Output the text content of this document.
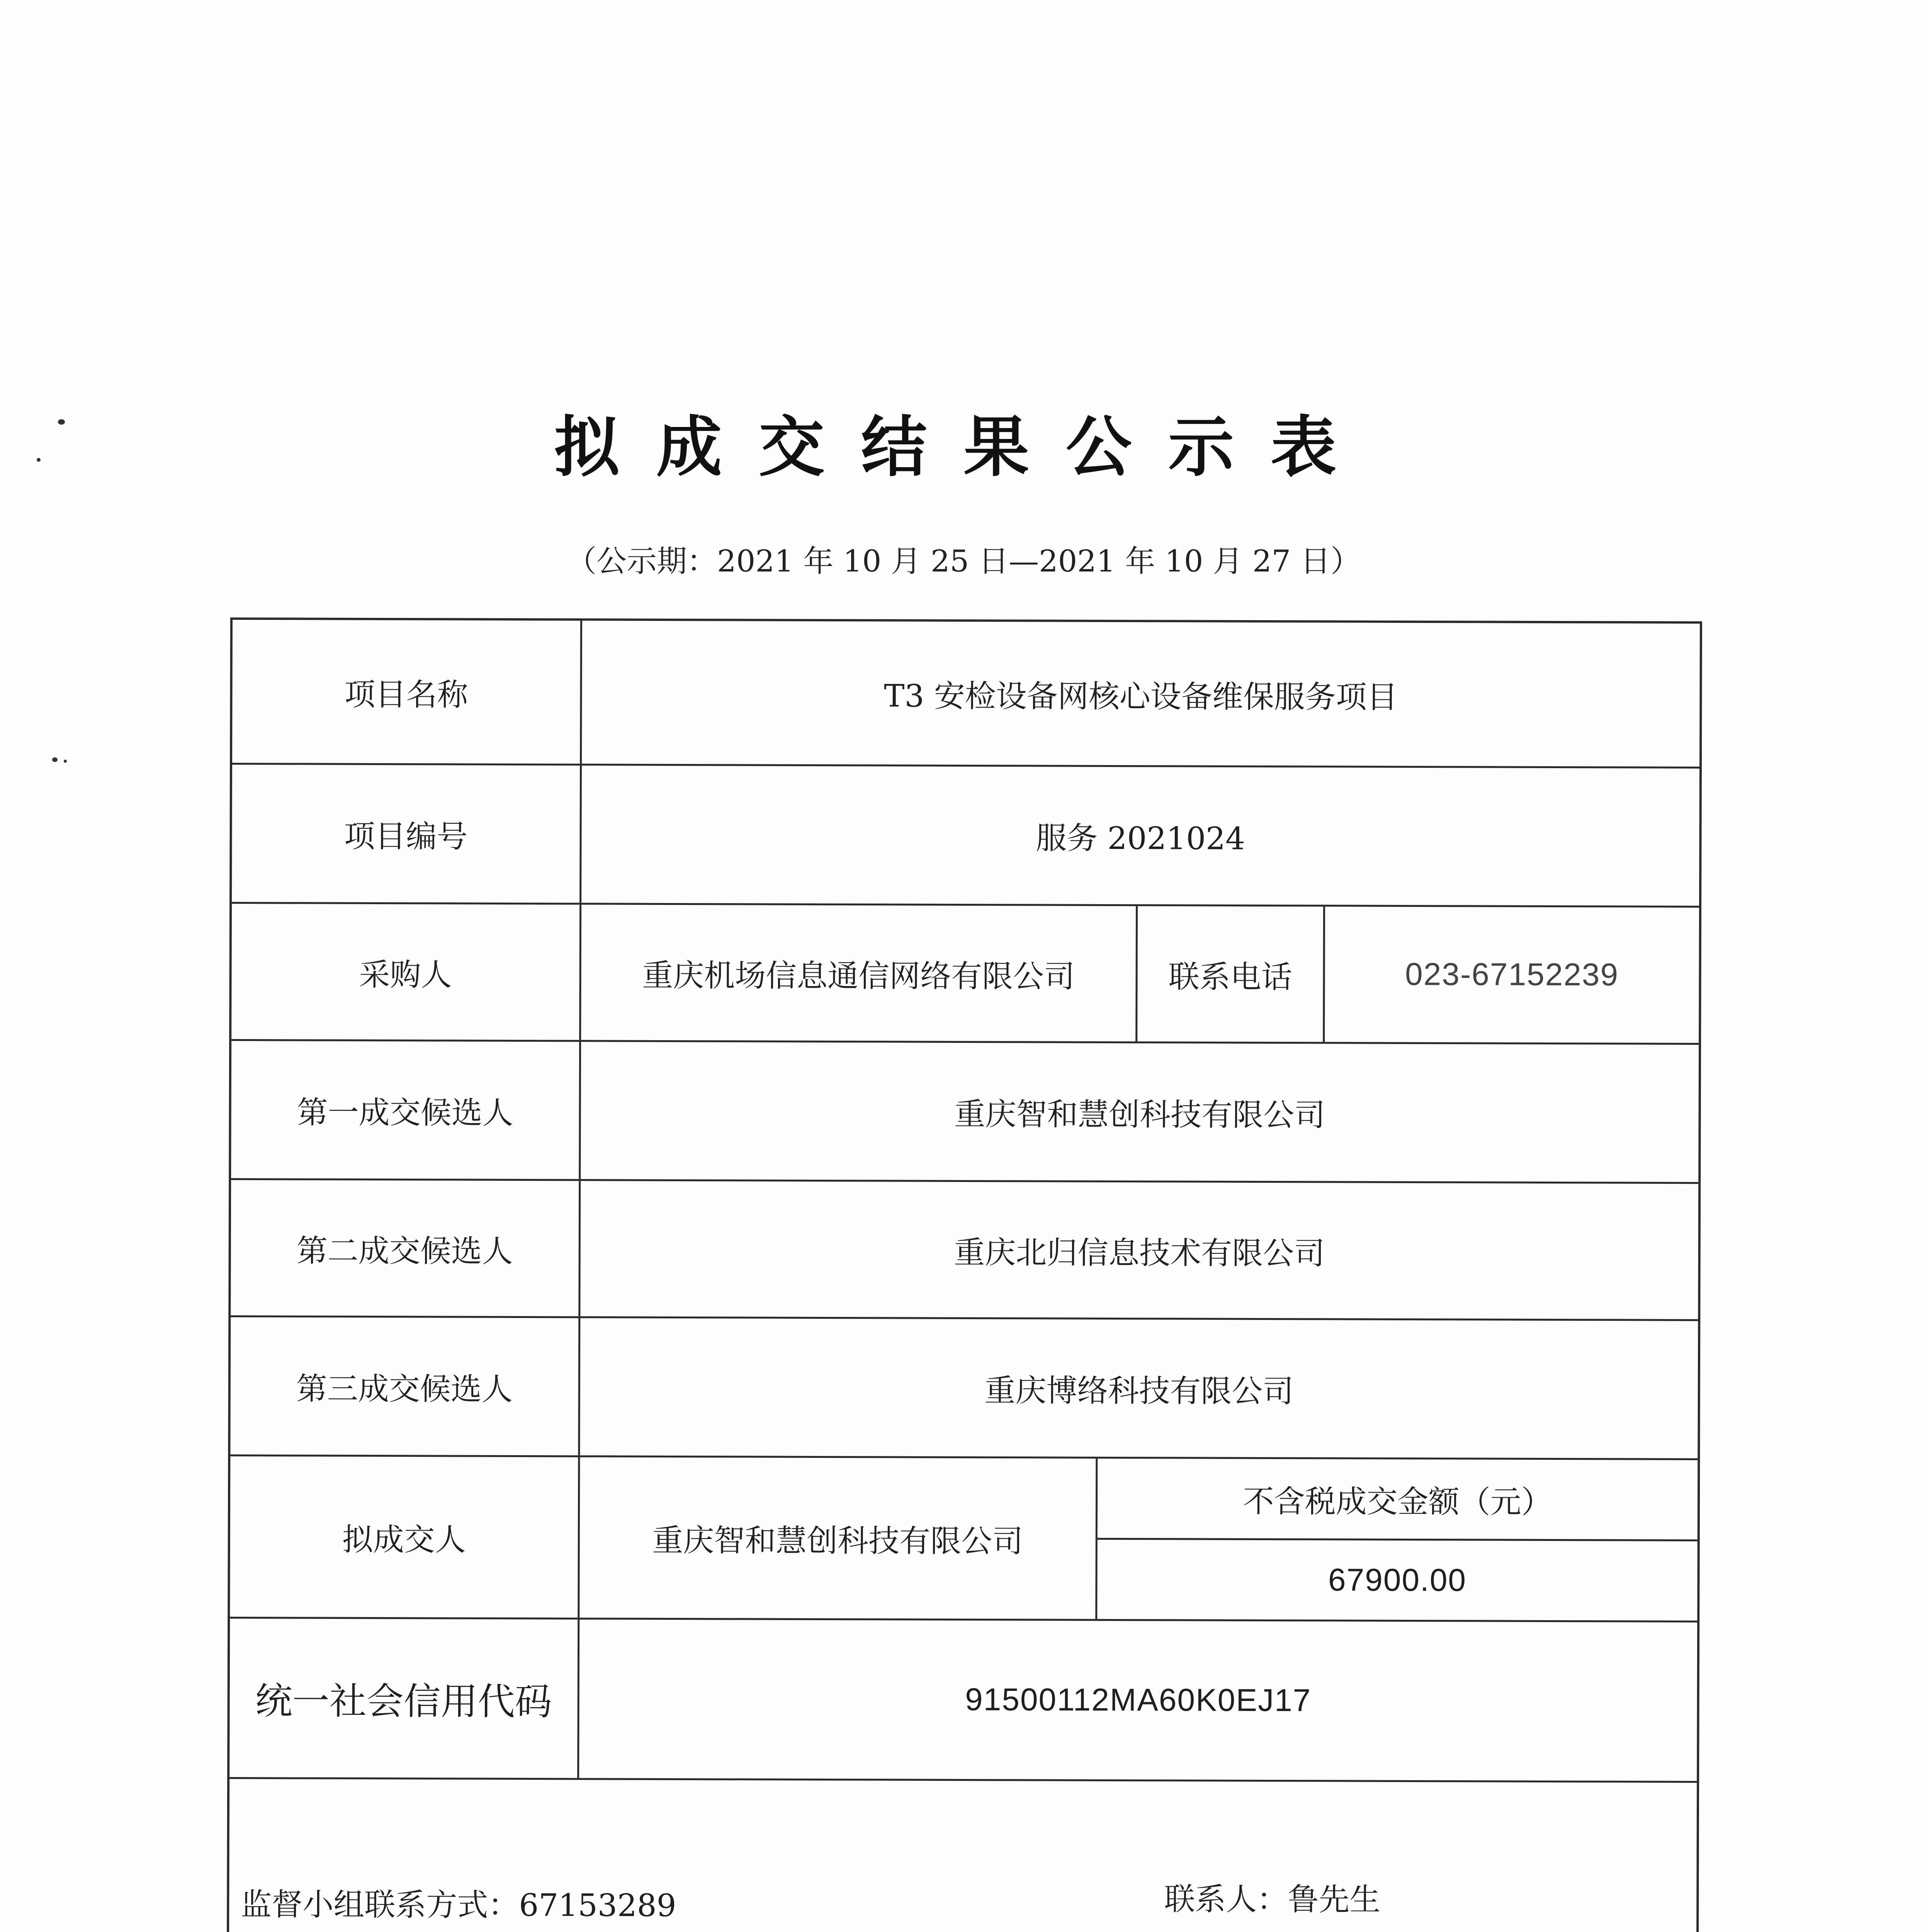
拟成交结果公示表
（公示期：2021 年 10 月 25 日—2021 年 10 月 27 日）
项目名称	T3 安检设备网核心设备维保服务项目
项目编号	服务 2021024
采购人	重庆机场信息通信网络有限公司	联系电话	023-67152239
第一成交候选人	重庆智和慧创科技有限公司
第二成交候选人	重庆北归信息技术有限公司
第三成交候选人	重庆博络科技有限公司
拟成交人	重庆智和慧创科技有限公司
不含税成交金额（元）
67900.00
统一社会信用代码	91500112MA60K0EJ17
监督小组联系方式：67153289	联系人：鲁先生
